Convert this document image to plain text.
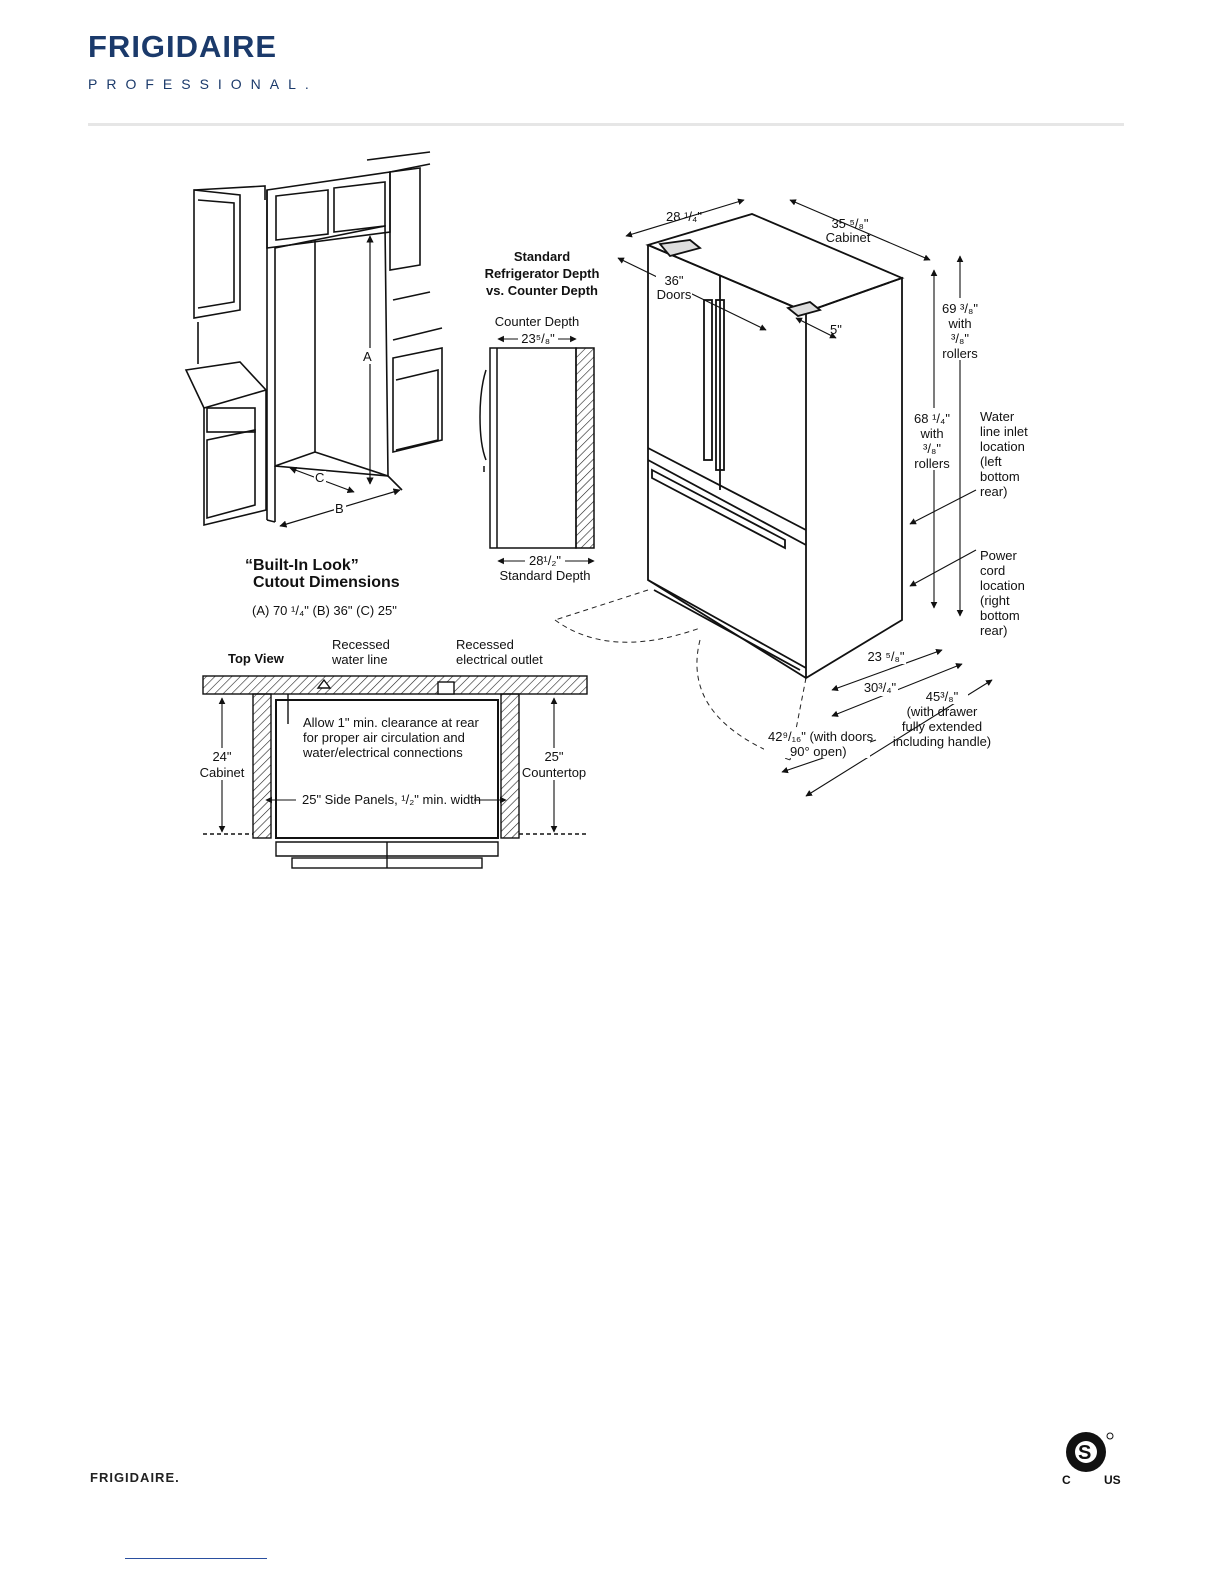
FRIGIDAIRE
PROFESSIONAL.
A
C
B
“Built-In Look”
Cutout Dimensions
(A) 70 ¹/₄" (B) 36" (C) 25"
Standard
Refrigerator Depth
vs. Counter Depth
Counter Depth
23⁵/₈"
28¹/₂"
Standard Depth
28 ¹/₄"	35 ⁵/₈"
Cabinet
36"
Doors
5"
69 ³/₈"
with
³/₈"
rollers
68 ¹/₄"
with
³/₈"
rollers
Water
line inlet
location
(left
bottom
rear)
Power
cord
location
(right
bottom
rear)
23 ⁵/₈"
30³/₄"
45³/₈"
(with drawer
fully extended
including handle)
42⁹/₁₆" (with doors
90° open)
Top View
Recessed
water line
Recessed
electrical outlet
24"
Cabinet
25"
Countertop
Allow 1" min. clearance at rear
for proper air circulation and
water/electrical connections
25" Side Panels, ¹/₂" min. width
FRIGIDAIRE.
S
C	US
